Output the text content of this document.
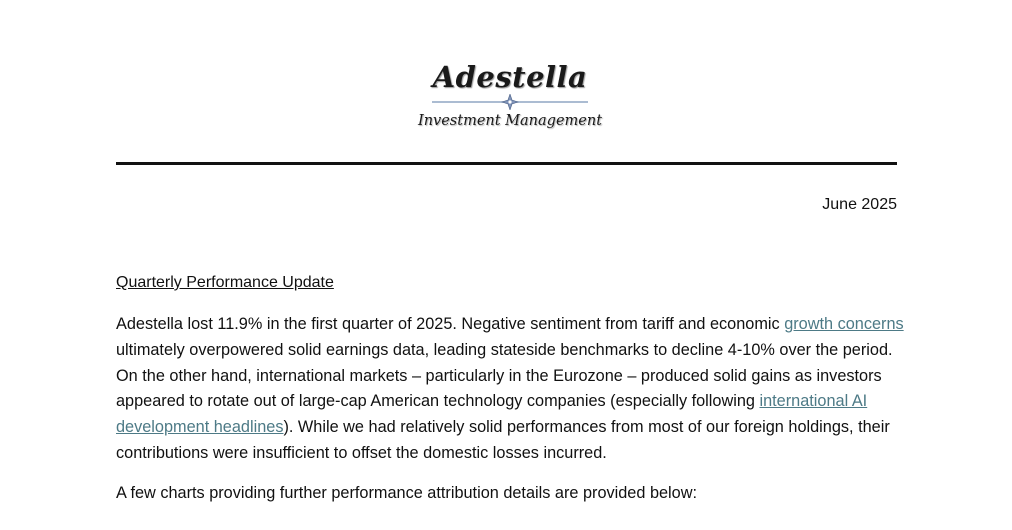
Adestella
Investment Management
June 2025
Quarterly Performance Update

Adestella lost 11.9% in the first quarter of 2025. Negative sentiment from tariff and economic growth concerns ultimately overpowered solid earnings data, leading stateside benchmarks to decline 4-10% over the period. On the other hand, international markets – particularly in the Eurozone – produced solid gains as investors appeared to rotate out of large-cap American technology companies (especially following international AI development headlines). While we had relatively solid performances from most of our foreign holdings, their contributions were insufficient to offset the domestic losses incurred.

A few charts providing further performance attribution details are provided below:
